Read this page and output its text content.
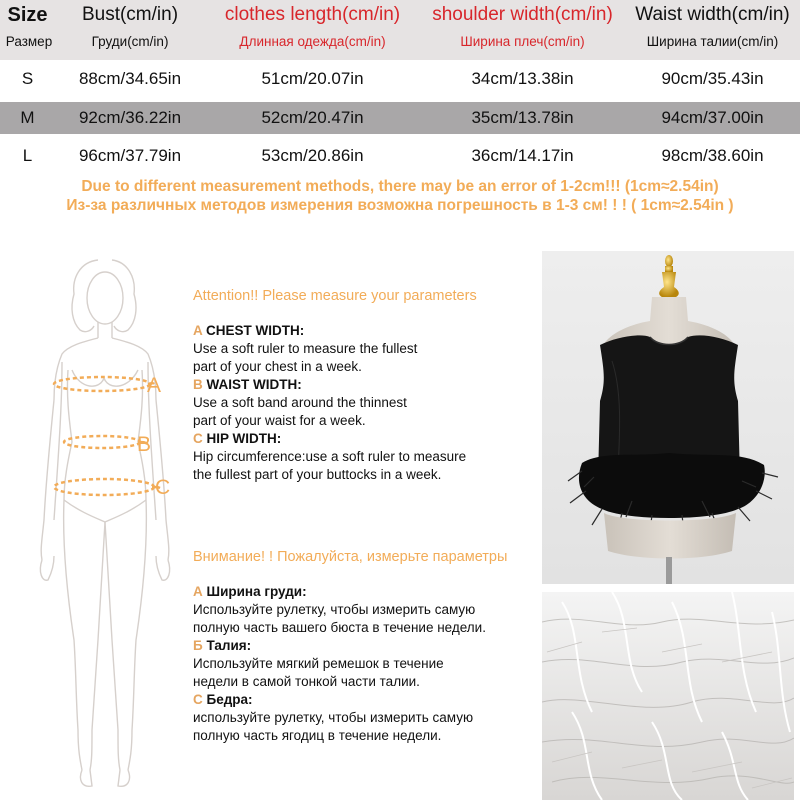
Size
Размер
Bust(cm/in)
Груди(cm/in)
clothes length(cm/in)
Длинная одежда(cm/in)
shoulder width(cm/in)
Ширина плеч(cm/in)
Waist width(cm/in)
Ширина талии(cm/in)
S	88cm/34.65in	51cm/20.07in	34cm/13.38in	90cm/35.43in
M	92cm/36.22in	52cm/20.47in	35cm/13.78in	94cm/37.00in
L	96cm/37.79in	53cm/20.86in	36cm/14.17in	98cm/38.60in
Due to different measurement methods, there may be an error of 1-2cm!!! (1cm≈2.54in)
Из-за различных методов измерения возможна погрешность в 1-3 см! ! ! ( 1cm≈2.54in )
A
B
C

Attention!! Please measure your parameters

A CHEST WIDTH:

Use a soft ruler to measure the fullest

part of your chest in a week.

B WAIST WIDTH:

Use a soft band around the thinnest

part of your waist for a week.

C HIP WIDTH:

Hip circumference:use a soft ruler to measure

the fullest part of your buttocks in a week.

Внимание! ! Пожалуйста, измерьте параметры

А Ширина груди:

Используйте рулетку, чтобы измерить самую

полную часть вашего бюста в течение недели.

Б Талия:

Используйте мягкий ремешок в течение

недели в самой тонкой части талии.

С Бедра:

используйте рулетку, чтобы измерить самую

полную часть ягодиц в течение недели.
